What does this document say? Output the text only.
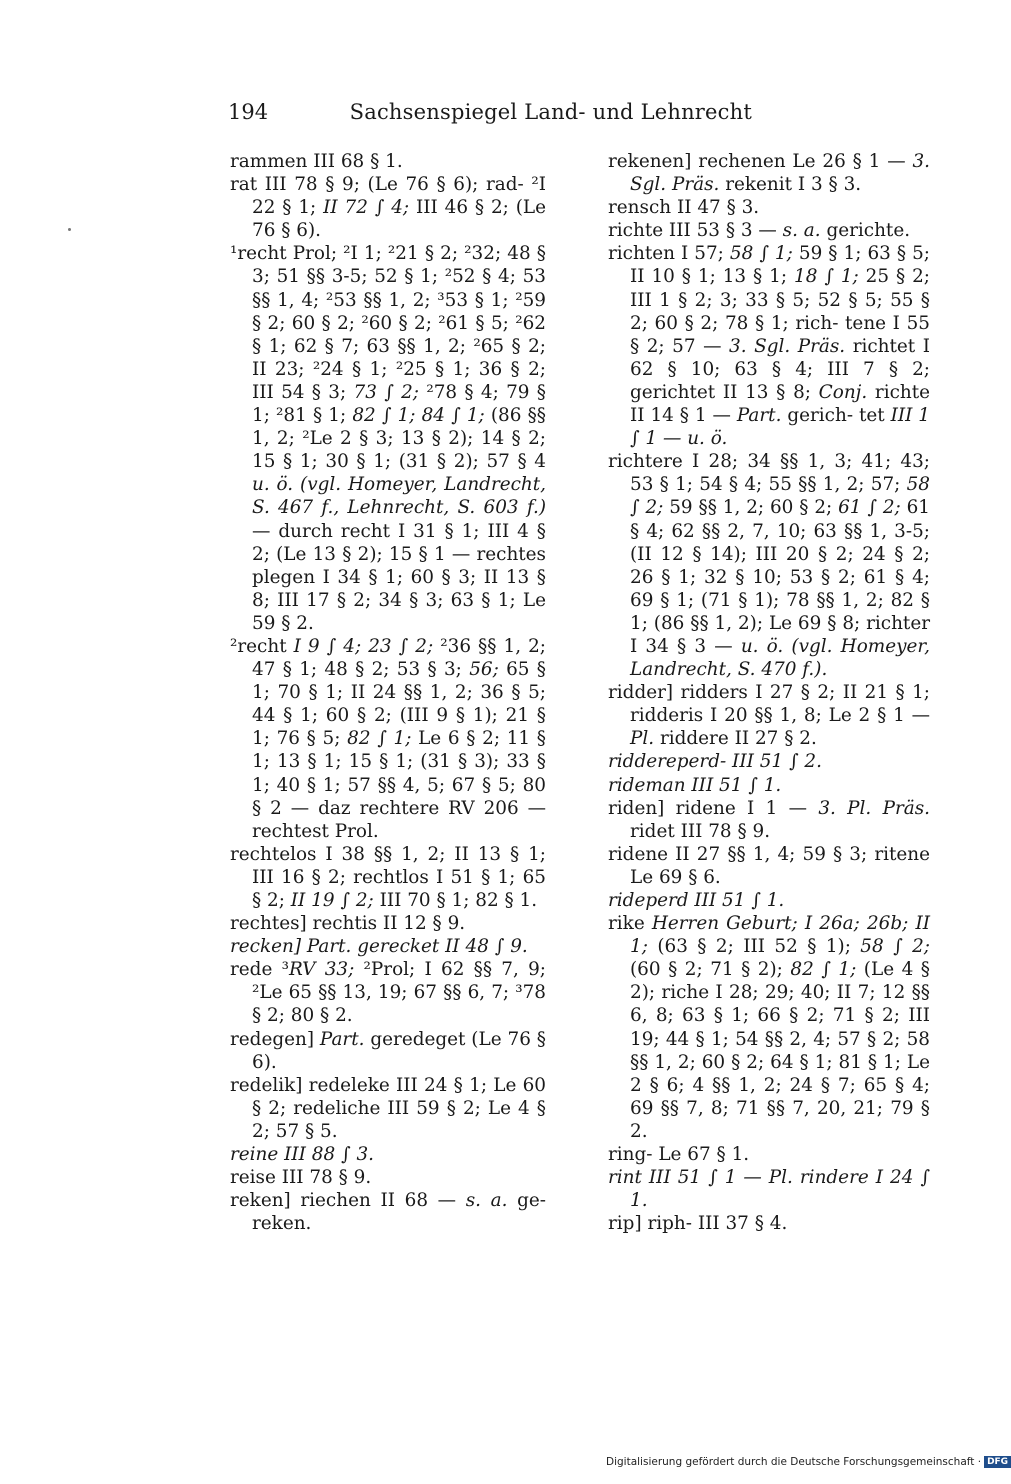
194	Sachsenspiegel Land- und Lehnrecht
rammen III 68 § 1.
rat III 78 § 9; (Le 76 § 6); rad- ²I 22 § 1; II 72 ∫ 4; III 46 § 2; (Le 76 § 6).
¹recht Prol; ²I 1; ²21 § 2; ²32; 48 § 3; 51 §§ 3-5; 52 § 1; ²52 § 4; 53 §§ 1, 4; ²53 §§ 1, 2; ³53 § 1; ²59 § 2; 60 § 2; ²60 § 2; ²61 § 5; ²62 § 1; 62 § 7; 63 §§ 1, 2; ²65 § 2; II 23; ²24 § 1; ²25 § 1; 36 § 2; III 54 § 3; 73 ∫ 2; ²78 § 4; 79 § 1; ²81 § 1; 82 ∫ 1; 84 ∫ 1; (86 §§ 1, 2; ²Le 2 § 3; 13 § 2); 14 § 2; 15 § 1; 30 § 1; (31 § 2); 57 § 4 u. ö. (vgl. Homeyer, Landrecht, S. 467 f., Lehnrecht, S. 603 f.) — durch recht I 31 § 1; III 4 § 2; (Le 13 § 2); 15 § 1 — rechtes plegen I 34 § 1; 60 § 3; II 13 § 8; III 17 § 2; 34 § 3; 63 § 1; Le 59 § 2.
²recht I 9 ∫ 4; 23 ∫ 2; ²36 §§ 1, 2; 47 § 1; 48 § 2; 53 § 3; 56; 65 § 1; 70 § 1; II 24 §§ 1, 2; 36 § 5; 44 § 1; 60 § 2; (III 9 § 1); 21 § 1; 76 § 5; 82 ∫ 1; Le 6 § 2; 11 § 1; 13 § 1; 15 § 1; (31 § 3); 33 § 1; 40 § 1; 57 §§ 4, 5; 67 § 5; 80 § 2 — daz rechtere RV 206 — rechtest Prol.
rechtelos I 38 §§ 1, 2; II 13 § 1; III 16 § 2; rechtlos I 51 § 1; 65 § 2; II 19 ∫ 2; III 70 § 1; 82 § 1.
rechtes] rechtis II 12 § 9.
recken] Part. gerecket II 48 ∫ 9.
rede ³RV 33; ²Prol; I 62 §§ 7, 9; ²Le 65 §§ 13, 19; 67 §§ 6, 7; ³78 § 2; 80 § 2.
redegen] Part. geredeget (Le 76 § 6).
redelik] redeleke III 24 § 1; Le 60 § 2; redeliche III 59 § 2; Le 4 § 2; 57 § 5.
reine III 88 ∫ 3.
reise III 78 § 9.
reken] riechen II 68 — s. a. ge- reken.
rekenen] rechenen Le 26 § 1 — 3. Sgl. Präs. rekenit I 3 § 3.
rensch II 47 § 3.
richte III 53 § 3 — s. a. gerichte.
richten I 57; 58 ∫ 1; 59 § 1; 63 § 5; II 10 § 1; 13 § 1; 18 ∫ 1; 25 § 2; III 1 § 2; 3; 33 § 5; 52 § 5; 55 § 2; 60 § 2; 78 § 1; rich- tene I 55 § 2; 57 — 3. Sgl. Präs. richtet I 62 § 10; 63 § 4; III 7 § 2; gerichtet II 13 § 8; Conj. richte II 14 § 1 — Part. gerich- tet III 1 ∫ 1 — u. ö.
richtere I 28; 34 §§ 1, 3; 41; 43; 53 § 1; 54 § 4; 55 §§ 1, 2; 57; 58 ∫ 2; 59 §§ 1, 2; 60 § 2; 61 ∫ 2; 61 § 4; 62 §§ 2, 7, 10; 63 §§ 1, 3-5; (II 12 § 14); III 20 § 2; 24 § 2; 26 § 1; 32 § 10; 53 § 2; 61 § 4; 69 § 1; (71 § 1); 78 §§ 1, 2; 82 § 1; (86 §§ 1, 2); Le 69 § 8; richter I 34 § 3 — u. ö. (vgl. Homeyer, Landrecht, S. 470 f.).
ridder] ridders I 27 § 2; II 21 § 1; ridderis I 20 §§ 1, 8; Le 2 § 1 — Pl. riddere II 27 § 2.
riddereperd- III 51 ∫ 2.
rideman III 51 ∫ 1.
riden] ridene I 1 — 3. Pl. Präs. ridet III 78 § 9.
ridene II 27 §§ 1, 4; 59 § 3; ritene Le 69 § 6.
rideperd III 51 ∫ 1.
rike Herren Geburt; I 26a; 26b; II 1; (63 § 2; III 52 § 1); 58 ∫ 2; (60 § 2; 71 § 2); 82 ∫ 1; (Le 4 § 2); riche I 28; 29; 40; II 7; 12 §§ 6, 8; 63 § 1; 66 § 2; 71 § 2; III 19; 44 § 1; 54 §§ 2, 4; 57 § 2; 58 §§ 1, 2; 60 § 2; 64 § 1; 81 § 1; Le 2 § 6; 4 §§ 1, 2; 24 § 7; 65 § 4; 69 §§ 7, 8; 71 §§ 7, 20, 21; 79 § 2.
ring- Le 67 § 1.
rint III 51 ∫ 1 — Pl. rindere I 24 ∫ 1.
rip] riph- III 37 § 4.
Digitalisierung gefördert durch die Deutsche Forschungsgemeinschaft · DFG
